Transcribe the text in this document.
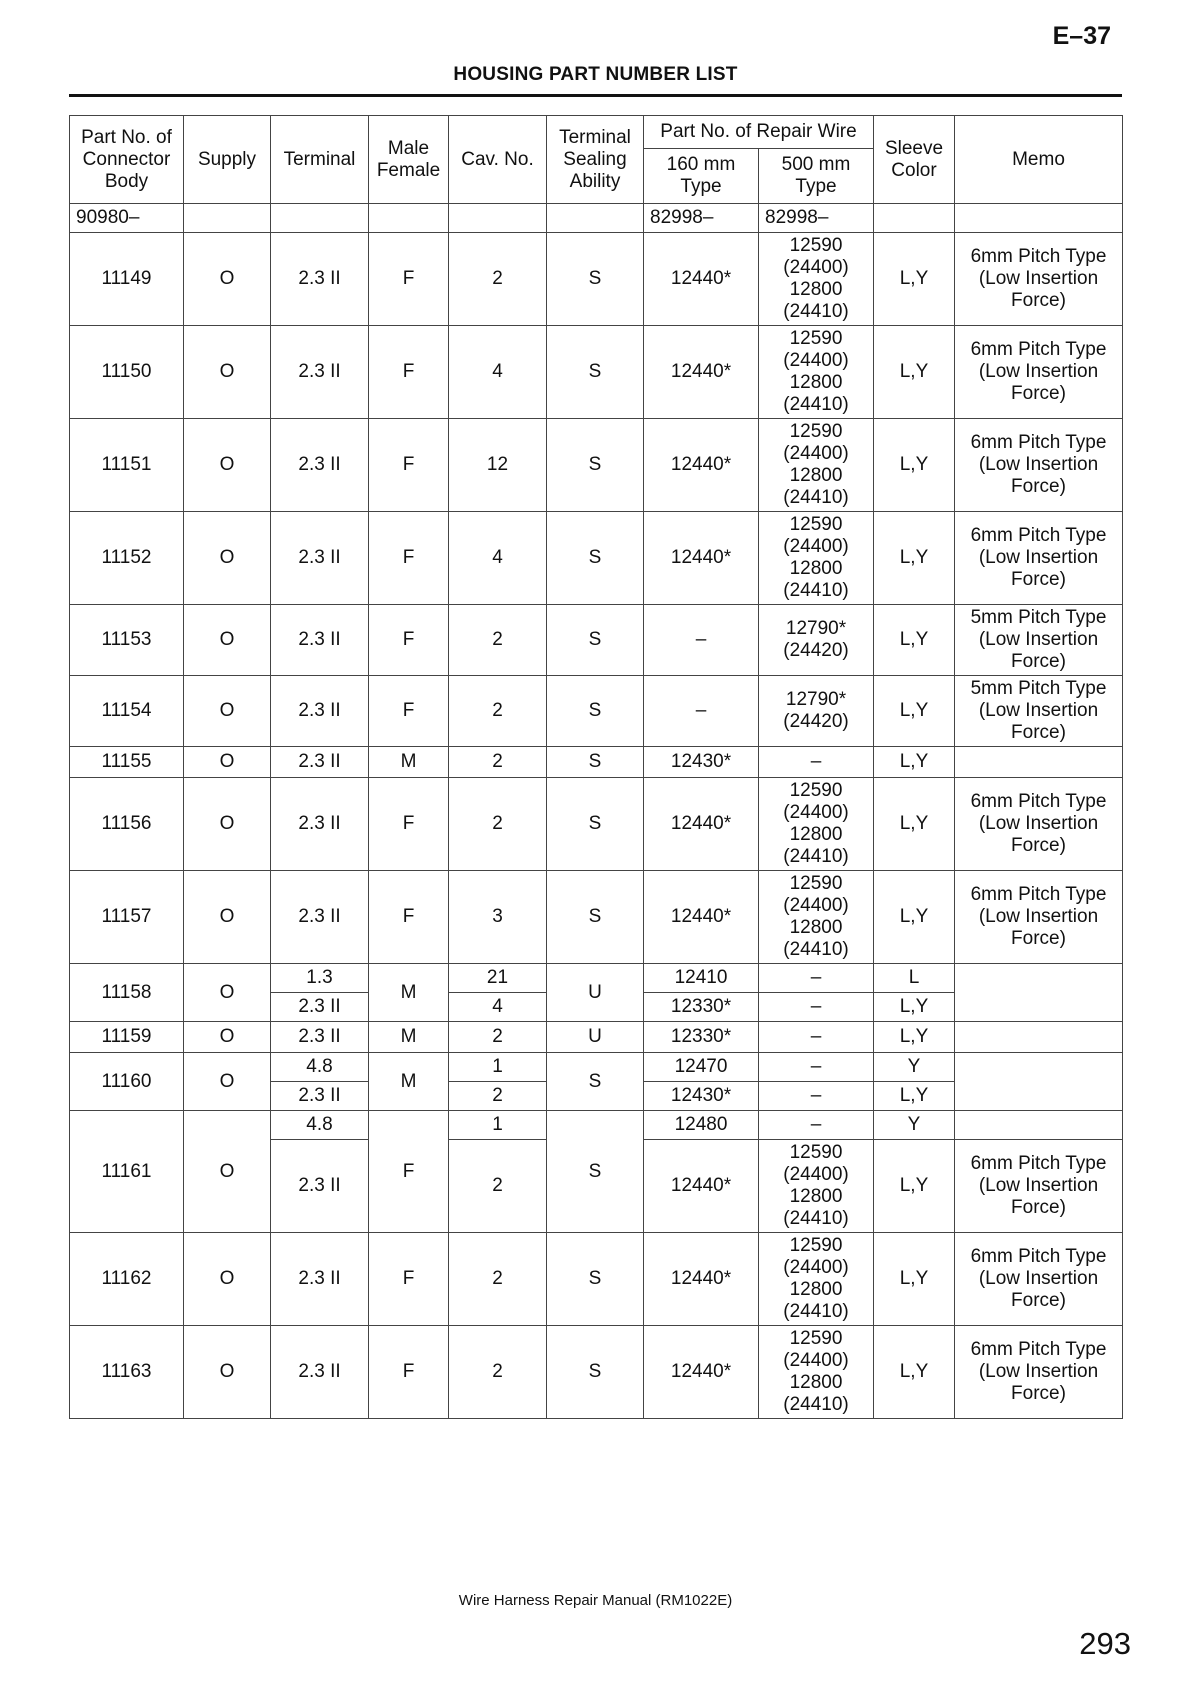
E–37
HOUSING PART NUMBER LIST
Part No. of Connector Body	Supply	Terminal	Male Female	Cav. No.	Terminal Sealing Ability	Part No. of Repair Wire		Sleeve Color	Memo
						160 mm Type	500 mm Type		
90980–						82998–	82998–		
11149	O	2.3 II	F	2	S	12440*	12590
(24400)
12800
(24410)	L,Y	6mm Pitch Type
(Low Insertion
Force)
11150	O	2.3 II	F	4	S	12440*	12590
(24400)
12800
(24410)	L,Y	6mm Pitch Type
(Low Insertion
Force)
11151	O	2.3 II	F	12	S	12440*	12590
(24400)
12800
(24410)	L,Y	6mm Pitch Type
(Low Insertion
Force)
11152	O	2.3 II	F	4	S	12440*	12590
(24400)
12800
(24410)	L,Y	6mm Pitch Type
(Low Insertion
Force)
11153	O	2.3 II	F	2	S	–	12790*
(24420)	L,Y	5mm Pitch Type
(Low Insertion
Force)
11154	O	2.3 II	F	2	S	–	12790*
(24420)	L,Y	5mm Pitch Type
(Low Insertion
Force)
11155	O	2.3 II	M	2	S	12430*	–	L,Y	
11156	O	2.3 II	F	2	S	12440*	12590
(24400)
12800
(24410)	L,Y	6mm Pitch Type
(Low Insertion
Force)
11157	O	2.3 II	F	3	S	12440*	12590
(24400)
12800
(24410)	L,Y	6mm Pitch Type
(Low Insertion
Force)
11158	O	1.3	M	21	U	12410	–	L	
		2.3 II		4		12330*	–	L,Y	
11159	O	2.3 II	M	2	U	12330*	–	L,Y	
11160	O	4.8	M	1	S	12470	–	Y	
		2.3 II		2		12430*	–	L,Y	
11161	O	4.8	F	1	S	12480	–	Y	
		2.3 II		2		12440*	12590
(24400)
12800
(24410)	L,Y	6mm Pitch Type
(Low Insertion
Force)
11162	O	2.3 II	F	2	S	12440*	12590
(24400)
12800
(24410)	L,Y	6mm Pitch Type
(Low Insertion
Force)
11163	O	2.3 II	F	2	S	12440*	12590
(24400)
12800
(24410)	L,Y	6mm Pitch Type
(Low Insertion
Force)
Wire Harness Repair Manual (RM1022E)
293
